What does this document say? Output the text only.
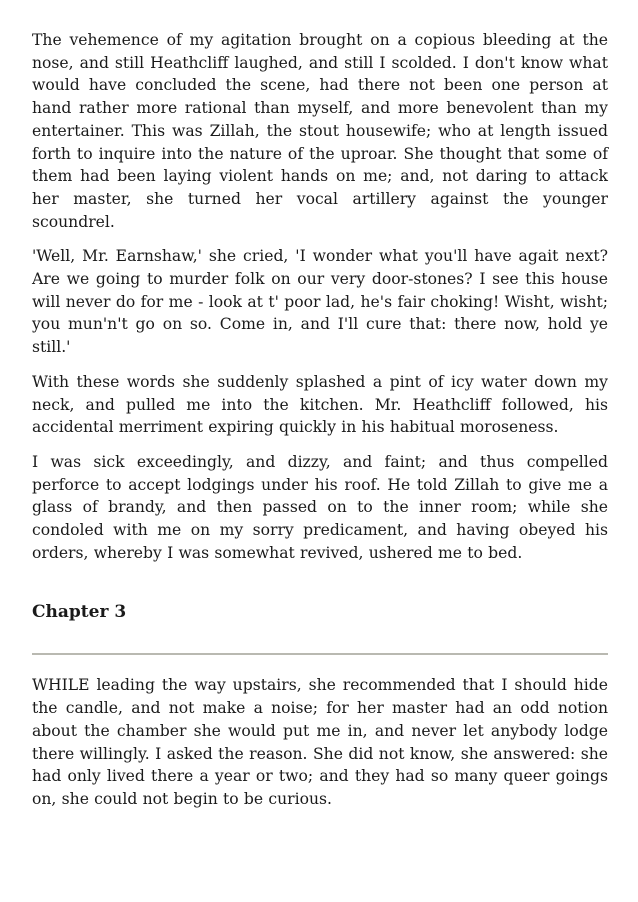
The vehemence of my agitation brought on a copious bleeding at the nose, and still Heathcliff laughed, and still I scolded. I don't know what would have concluded the scene, had there not been one person at hand rather more rational than myself, and more benevolent than my entertainer. This was Zillah, the stout housewife; who at length issued forth to inquire into the nature of the uproar. She thought that some of them had been laying violent hands on me; and, not daring to attack her master, she turned her vocal artillery against the younger scoundrel.

'Well, Mr. Earnshaw,' she cried, 'I wonder what you'll have agait next? Are we going to murder folk on our very door-stones? I see this house will never do for me - look at t' poor lad, he's fair choking! Wisht, wisht; you mun'n't go on so. Come in, and I'll cure that: there now, hold ye still.'

With these words she suddenly splashed a pint of icy water down my neck, and pulled me into the kitchen. Mr. Heathcliff followed, his accidental merriment expiring quickly in his habitual moroseness.

I was sick exceedingly, and dizzy, and faint; and thus compelled perforce to accept lodgings under his roof. He told Zillah to give me a glass of brandy, and then passed on to the inner room; while she condoled with me on my sorry predicament, and having obeyed his orders, whereby I was somewhat revived, ushered me to bed.

Chapter 3

WHILE leading the way upstairs, she recommended that I should hide the candle, and not make a noise; for her master had an odd notion about the chamber she would put me in, and never let anybody lodge there willingly. I asked the reason. She did not know, she answered: she had only lived there a year or two; and they had so many queer goings on, she could not begin to be curious.
